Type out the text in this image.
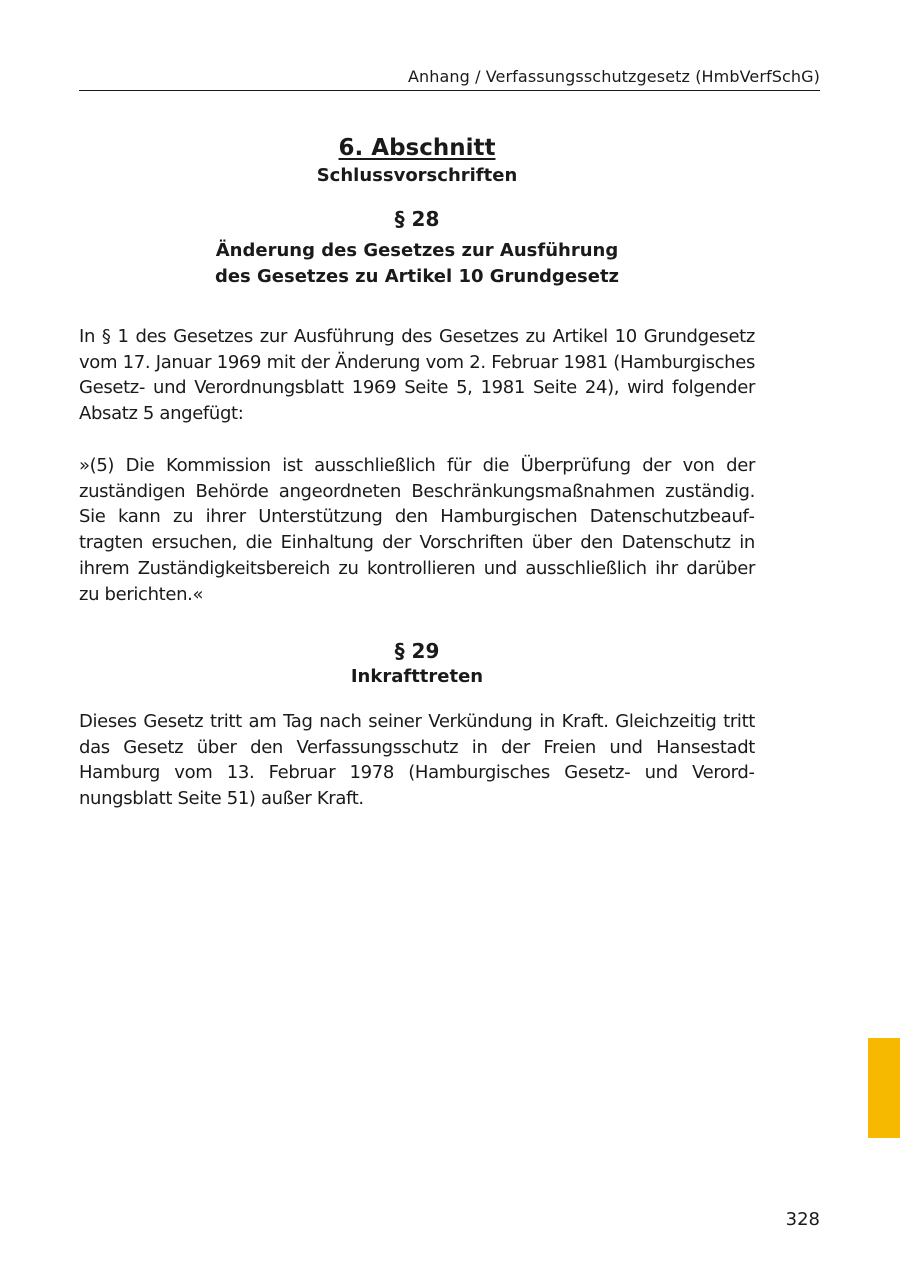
Anhang / Verfassungsschutzgesetz (HmbVerfSchG)
6. Abschnitt
Schlussvorschriften
§ 28
Änderung des Gesetzes zur Ausführung
des Gesetzes zu Artikel 10 Grundgesetz

In § 1 des Gesetzes zur Ausführung des Gesetzes zu Artikel 10 Grundgesetz vom 17. Januar 1969 mit der Änderung vom 2. Februar 1981 (Hamburgisches Gesetz- und Verordnungsblatt 1969 Seite 5, 1981 Seite 24), wird folgender Absatz 5 angefügt:

»(5) Die Kommission ist ausschließlich für die Überprüfung der von der zuständigen Behörde angeordneten Beschränkungsmaßnahmen zuständig. Sie kann zu ihrer Unterstützung den Hamburgischen Datenschutzbeauftragten ersuchen, die Einhaltung der Vorschriften über den Datenschutz in ihrem Zuständigkeitsbereich zu kontrollieren und ausschließlich ihr darüber zu berichten.«

§ 29
Inkrafttreten

Dieses Gesetz tritt am Tag nach seiner Verkündung in Kraft. Gleichzeitig tritt das Gesetz über den Verfassungsschutz in der Freien und Hansestadt Hamburg vom 13. Februar 1978 (Hamburgisches Gesetz- und Verordnungsblatt Seite 51) außer Kraft.

328
